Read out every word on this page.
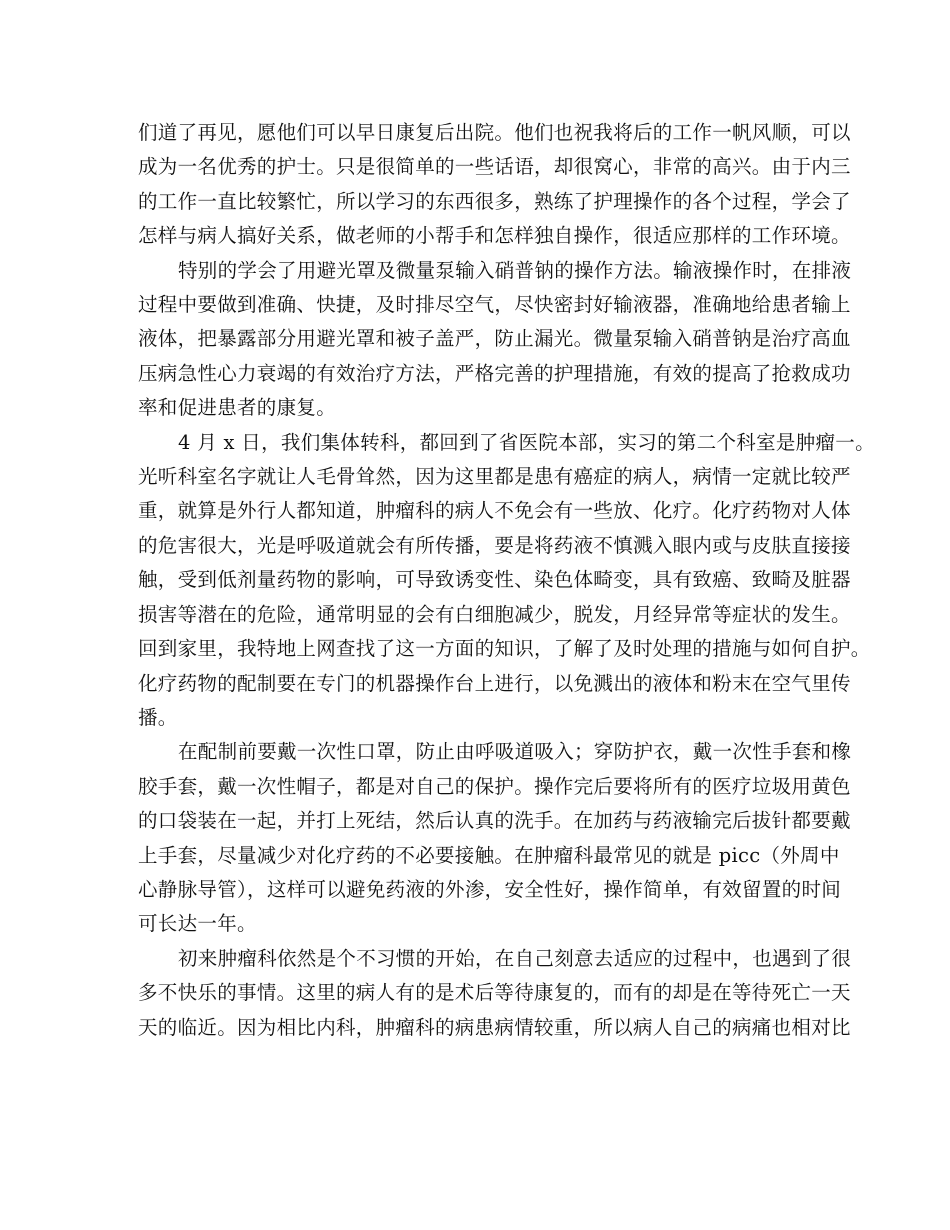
们道了再见，愿他们可以早日康复后出院。他们也祝我将后的工作一帆风顺，可以
成为一名优秀的护士。只是很简单的一些话语，却很窝心，非常的高兴。由于内三
的工作一直比较繁忙，所以学习的东西很多，熟练了护理操作的各个过程，学会了
怎样与病人搞好关系，做老师的小帮手和怎样独自操作，很适应那样的工作环境。
特别的学会了用避光罩及微量泵输入硝普钠的操作方法。输液操作时，在排液
过程中要做到准确、快捷，及时排尽空气，尽快密封好输液器，准确地给患者输上
液体，把暴露部分用避光罩和被子盖严，防止漏光。微量泵输入硝普钠是治疗高血
压病急性心力衰竭的有效治疗方法，严格完善的护理措施，有效的提高了抢救成功
率和促进患者的康复。
4 月 x 日，我们集体转科，都回到了省医院本部，实习的第二个科室是肿瘤一。
光听科室名字就让人毛骨耸然，因为这里都是患有癌症的病人，病情一定就比较严
重，就算是外行人都知道，肿瘤科的病人不免会有一些放、化疗。化疗药物对人体
的危害很大，光是呼吸道就会有所传播，要是将药液不慎溅入眼内或与皮肤直接接
触，受到低剂量药物的影响，可导致诱变性、染色体畸变，具有致癌、致畸及脏器
损害等潜在的危险，通常明显的会有白细胞减少，脱发，月经异常等症状的发生。
回到家里，我特地上网查找了这一方面的知识，了解了及时处理的措施与如何自护。
化疗药物的配制要在专门的机器操作台上进行，以免溅出的液体和粉末在空气里传
播。
在配制前要戴一次性口罩，防止由呼吸道吸入；穿防护衣，戴一次性手套和橡
胶手套，戴一次性帽子，都是对自己的保护。操作完后要将所有的医疗垃圾用黄色
的口袋装在一起，并打上死结，然后认真的洗手。在加药与药液输完后拔针都要戴
上手套，尽量减少对化疗药的不必要接触。在肿瘤科最常见的就是 picc（外周中
心静脉导管），这样可以避免药液的外渗，安全性好，操作简单，有效留置的时间
可长达一年。
初来肿瘤科依然是个不习惯的开始，在自己刻意去适应的过程中，也遇到了很
多不快乐的事情。这里的病人有的是术后等待康复的，而有的却是在等待死亡一天
天的临近。因为相比内科，肿瘤科的病患病情较重，所以病人自己的病痛也相对比
